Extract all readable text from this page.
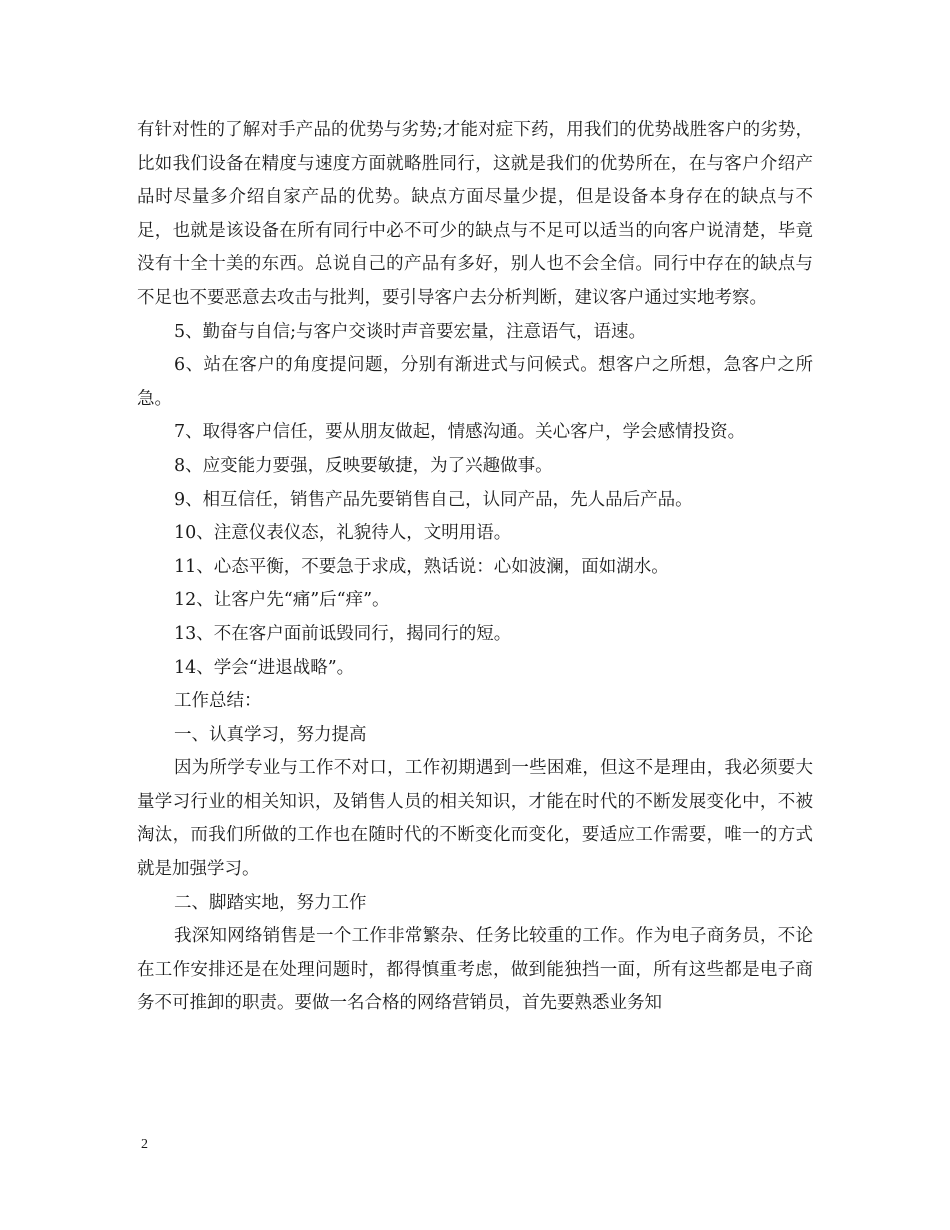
有针对性的了解对手产品的优势与劣势;才能对症下药，用我们的优势战胜客户的劣势，比如我们设备在精度与速度方面就略胜同行，这就是我们的优势所在，在与客户介绍产品时尽量多介绍自家产品的优势。缺点方面尽量少提，但是设备本身存在的缺点与不足，也就是该设备在所有同行中必不可少的缺点与不足可以适当的向客户说清楚，毕竟没有十全十美的东西。总说自己的产品有多好，别人也不会全信。同行中存在的缺点与不足也不要恶意去攻击与批判，要引导客户去分析判断，建议客户通过实地考察。

5、勤奋与自信;与客户交谈时声音要宏量，注意语气，语速。

6、站在客户的角度提问题，分别有渐进式与问候式。想客户之所想，急客户之所急。

7、取得客户信任，要从朋友做起，情感沟通。关心客户，学会感情投资。

8、应变能力要强，反映要敏捷，为了兴趣做事。

9、相互信任，销售产品先要销售自己，认同产品，先人品后产品。

10、注意仪表仪态，礼貌待人，文明用语。

11、心态平衡，不要急于求成，熟话说：心如波澜，面如湖水。

12、让客户先“痛”后“痒”。

13、不在客户面前诋毁同行，揭同行的短。

14、学会“进退战略”。

工作总结：

一、认真学习，努力提高

因为所学专业与工作不对口，工作初期遇到一些困难，但这不是理由，我必须要大量学习行业的相关知识，及销售人员的相关知识，才能在时代的不断发展变化中，不被淘汰，而我们所做的工作也在随时代的不断变化而变化，要适应工作需要，唯一的方式就是加强学习。

二、脚踏实地，努力工作

我深知网络销售是一个工作非常繁杂、任务比较重的工作。作为电子商务员，不论在工作安排还是在处理问题时，都得慎重考虑，做到能独挡一面，所有这些都是电子商务不可推卸的职责。要做一名合格的网络营销员，首先要熟悉业务知

2
